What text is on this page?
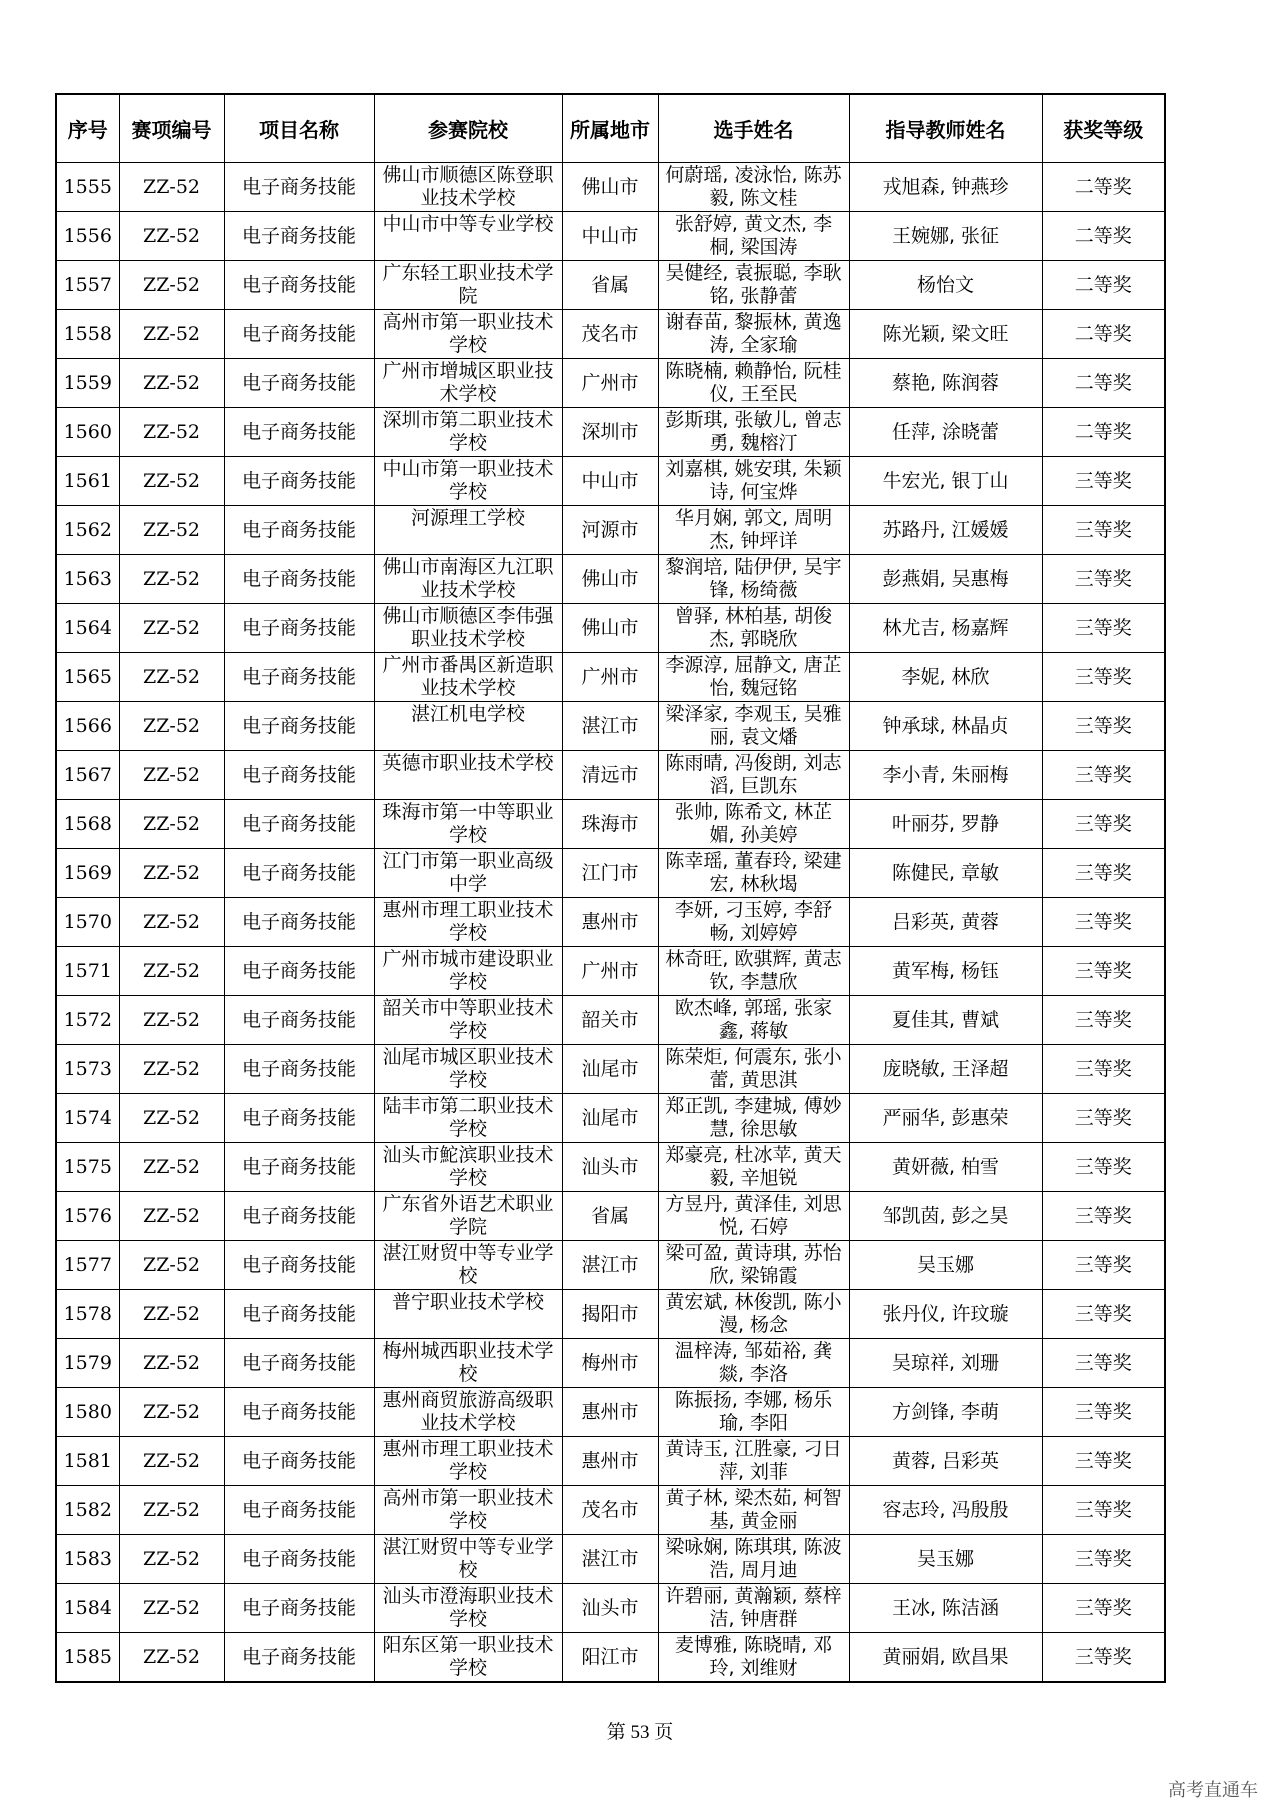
序号	赛项编号	项目名称	参赛院校	所属地市	选手姓名	指导教师姓名	获奖等级
1555	ZZ-52	电子商务技能	佛山市顺德区陈登职业技术学校	佛山市	何蔚瑶, 凌泳怡, 陈苏毅, 陈文桂	戎旭森, 钟燕珍	二等奖
1556	ZZ-52	电子商务技能	中山市中等专业学校	中山市	张舒婷, 黄文杰, 李桐, 梁国涛	王婉娜, 张征	二等奖
1557	ZZ-52	电子商务技能	广东轻工职业技术学院	省属	吴健经, 袁振聪, 李耿铭, 张静蕾	杨怡文	二等奖
1558	ZZ-52	电子商务技能	高州市第一职业技术学校	茂名市	谢春苗, 黎振林, 黄逸涛, 全家瑜	陈光颖, 梁文旺	二等奖
1559	ZZ-52	电子商务技能	广州市增城区职业技术学校	广州市	陈晓楠, 赖静怡, 阮桂仪, 王至民	蔡艳, 陈润蓉	二等奖
1560	ZZ-52	电子商务技能	深圳市第二职业技术学校	深圳市	彭斯琪, 张敏儿, 曾志勇, 魏榕汀	任萍, 涂晓蕾	二等奖
1561	ZZ-52	电子商务技能	中山市第一职业技术学校	中山市	刘嘉棋, 姚安琪, 朱颖诗, 何宝烨	牛宏光, 银丁山	三等奖
1562	ZZ-52	电子商务技能	河源理工学校	河源市	华月娴, 郭文, 周明杰, 钟坪详	苏路丹, 江媛媛	三等奖
1563	ZZ-52	电子商务技能	佛山市南海区九江职业技术学校	佛山市	黎润培, 陆伊伊, 吴宇锋, 杨绮薇	彭燕娟, 吴惠梅	三等奖
1564	ZZ-52	电子商务技能	佛山市顺德区李伟强职业技术学校	佛山市	曾驿, 林柏基, 胡俊杰, 郭晓欣	林尤吉, 杨嘉辉	三等奖
1565	ZZ-52	电子商务技能	广州市番禺区新造职业技术学校	广州市	李源淳, 屈静文, 唐芷怡, 魏冠铭	李妮, 林欣	三等奖
1566	ZZ-52	电子商务技能	湛江机电学校	湛江市	梁泽家, 李观玉, 吴雅丽, 袁文燔	钟承球, 林晶贞	三等奖
1567	ZZ-52	电子商务技能	英德市职业技术学校	清远市	陈雨晴, 冯俊朗, 刘志滔, 巨凯东	李小青, 朱丽梅	三等奖
1568	ZZ-52	电子商务技能	珠海市第一中等职业学校	珠海市	张帅, 陈希文, 林芷媚, 孙美婷	叶丽芬, 罗静	三等奖
1569	ZZ-52	电子商务技能	江门市第一职业高级中学	江门市	陈幸瑶, 董春玲, 梁建宏, 林秋堨	陈健民, 章敏	三等奖
1570	ZZ-52	电子商务技能	惠州市理工职业技术学校	惠州市	李妍, 刁玉婷, 李舒畅, 刘婷婷	吕彩英, 黄蓉	三等奖
1571	ZZ-52	电子商务技能	广州市城市建设职业学校	广州市	林奇旺, 欧骐辉, 黄志钦, 李慧欣	黄军梅, 杨钰	三等奖
1572	ZZ-52	电子商务技能	韶关市中等职业技术学校	韶关市	欧杰峰, 郭瑶, 张家鑫, 蒋敏	夏佳其, 曹斌	三等奖
1573	ZZ-52	电子商务技能	汕尾市城区职业技术学校	汕尾市	陈荣炬, 何震东, 张小蕾, 黄思淇	庞晓敏, 王泽超	三等奖
1574	ZZ-52	电子商务技能	陆丰市第二职业技术学校	汕尾市	郑正凯, 李建城, 傅妙慧, 徐思敏	严丽华, 彭惠荣	三等奖
1575	ZZ-52	电子商务技能	汕头市鮀滨职业技术学校	汕头市	郑豪亮, 杜冰苹, 黄天毅, 辛旭锐	黄妍薇, 柏雪	三等奖
1576	ZZ-52	电子商务技能	广东省外语艺术职业学院	省属	方昱丹, 黄泽佳, 刘思悦, 石婷	邹凯茵, 彭之昊	三等奖
1577	ZZ-52	电子商务技能	湛江财贸中等专业学校	湛江市	梁可盈, 黄诗琪, 苏怡欣, 梁锦霞	吴玉娜	三等奖
1578	ZZ-52	电子商务技能	普宁职业技术学校	揭阳市	黄宏斌, 林俊凯, 陈小漫, 杨念	张丹仪, 许玟璇	三等奖
1579	ZZ-52	电子商务技能	梅州城西职业技术学校	梅州市	温梓涛, 邹茹裕, 龚燚, 李洛	吴琼祥, 刘珊	三等奖
1580	ZZ-52	电子商务技能	惠州商贸旅游高级职业技术学校	惠州市	陈振扬, 李娜, 杨乐瑜, 李阳	方剑锋, 李萌	三等奖
1581	ZZ-52	电子商务技能	惠州市理工职业技术学校	惠州市	黄诗玉, 江胜豪, 刁日萍, 刘菲	黄蓉, 吕彩英	三等奖
1582	ZZ-52	电子商务技能	高州市第一职业技术学校	茂名市	黄子林, 梁杰茹, 柯智基, 黄金丽	容志玲, 冯殷殷	三等奖
1583	ZZ-52	电子商务技能	湛江财贸中等专业学校	湛江市	梁咏娴, 陈琪琪, 陈波浩, 周月迪	吴玉娜	三等奖
1584	ZZ-52	电子商务技能	汕头市澄海职业技术学校	汕头市	许碧丽, 黄瀚颖, 蔡梓洁, 钟唐群	王冰, 陈洁涵	三等奖
1585	ZZ-52	电子商务技能	阳东区第一职业技术学校	阳江市	麦博雅, 陈晓晴, 邓玲, 刘维财	黄丽娟, 欧昌果	三等奖
第 53 页
高考直通车
